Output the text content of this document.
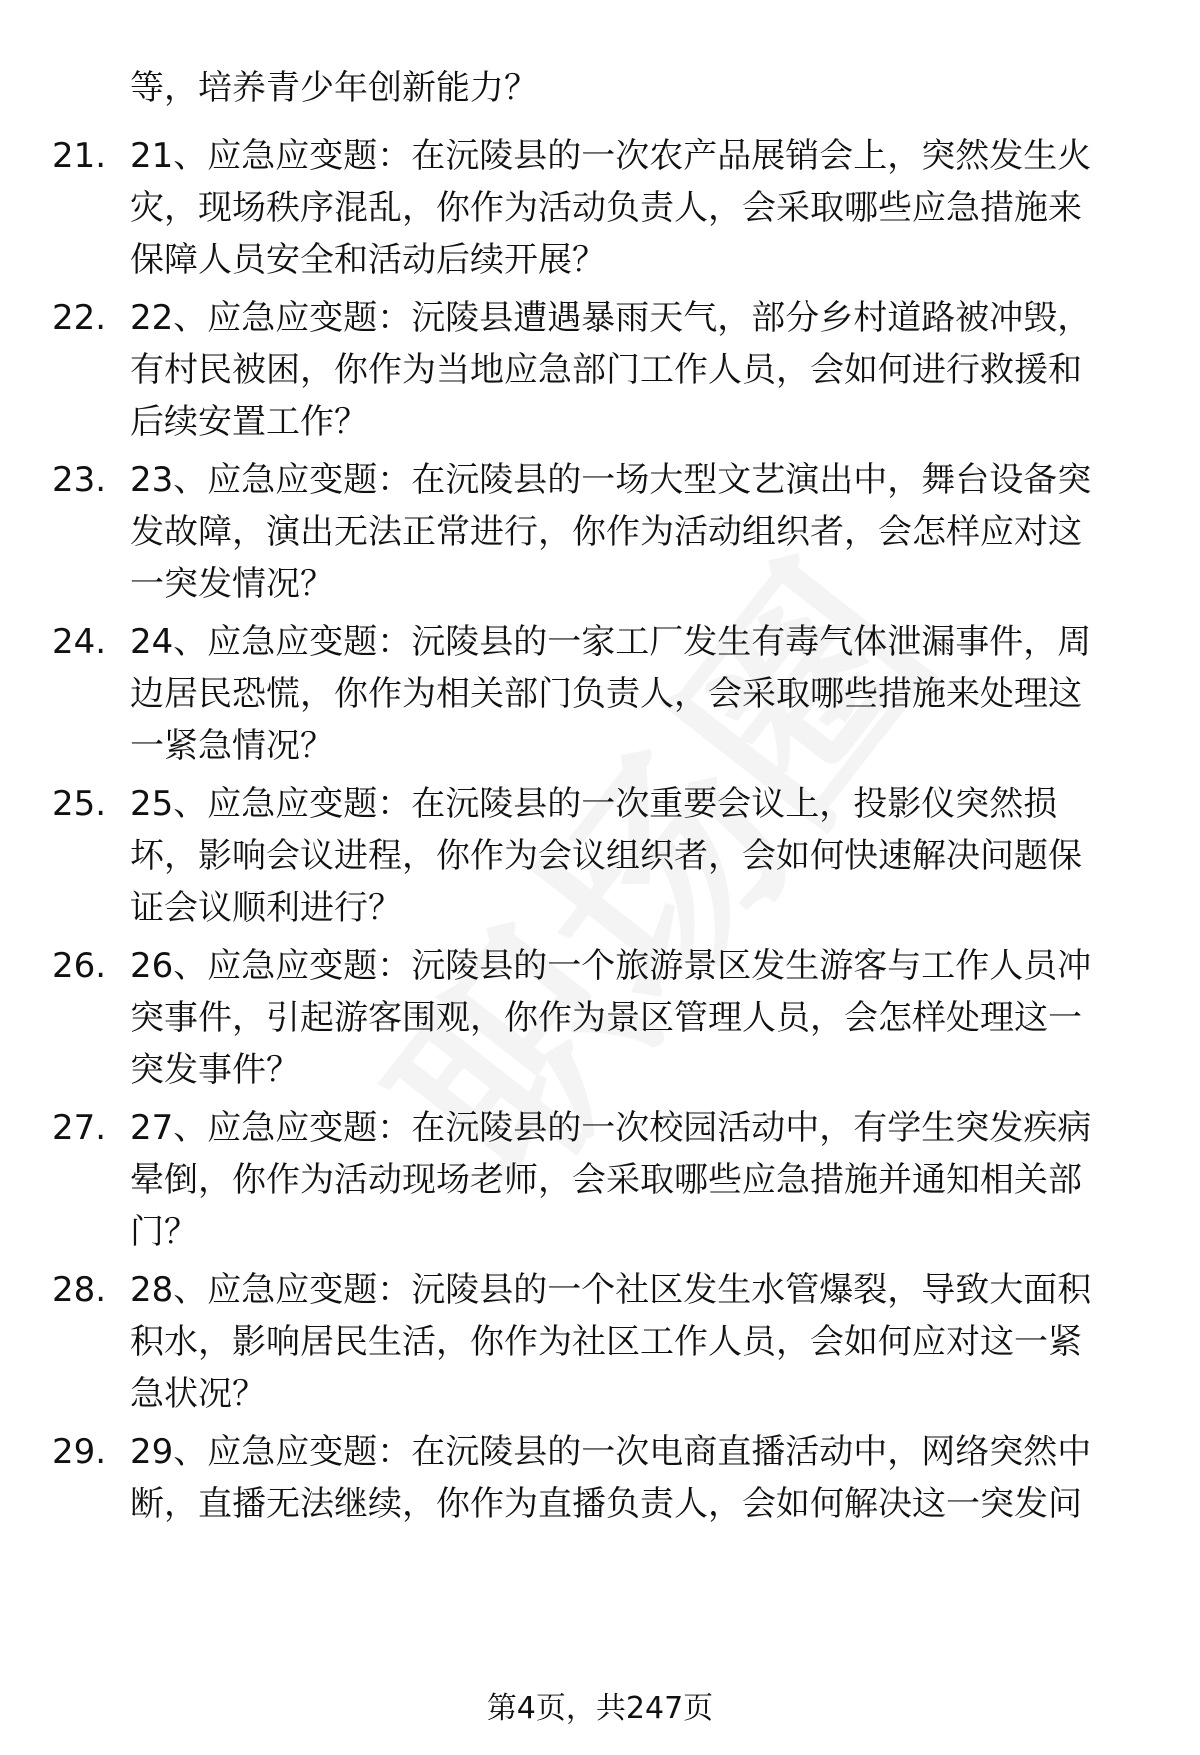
等，培养青少年创新能力？
21. 21、应急应变题：在沅陵县的一次农产品展销会上，突然发生火
灾，现场秩序混乱，你作为活动负责人，会采取哪些应急措施来
保障人员安全和活动后续开展？
22. 22、应急应变题：沅陵县遭遇暴雨天气，部分乡村道路被冲毁，
有村民被困，你作为当地应急部门工作人员，会如何进行救援和
后续安置工作？
23. 23、应急应变题：在沅陵县的一场大型文艺演出中，舞台设备突
发故障，演出无法正常进行，你作为活动组织者，会怎样应对这
一突发情况？
24. 24、应急应变题：沅陵县的一家工厂发生有毒气体泄漏事件，周
边居民恐慌，你作为相关部门负责人，会采取哪些措施来处理这
一紧急情况？
25. 25、应急应变题：在沅陵县的一次重要会议上，投影仪突然损
坏，影响会议进程，你作为会议组织者，会如何快速解决问题保
证会议顺利进行？
26. 26、应急应变题：沅陵县的一个旅游景区发生游客与工作人员冲
突事件，引起游客围观，你作为景区管理人员，会怎样处理这一
突发事件？
27. 27、应急应变题：在沅陵县的一次校园活动中，有学生突发疾病
晕倒，你作为活动现场老师，会采取哪些应急措施并通知相关部
门？
28. 28、应急应变题：沅陵县的一个社区发生水管爆裂，导致大面积
积水，影响居民生活，你作为社区工作人员，会如何应对这一紧
急状况？
29. 29、应急应变题：在沅陵县的一次电商直播活动中，网络突然中
断，直播无法继续，你作为直播负责人，会如何解决这一突发问
第4页，共247页
